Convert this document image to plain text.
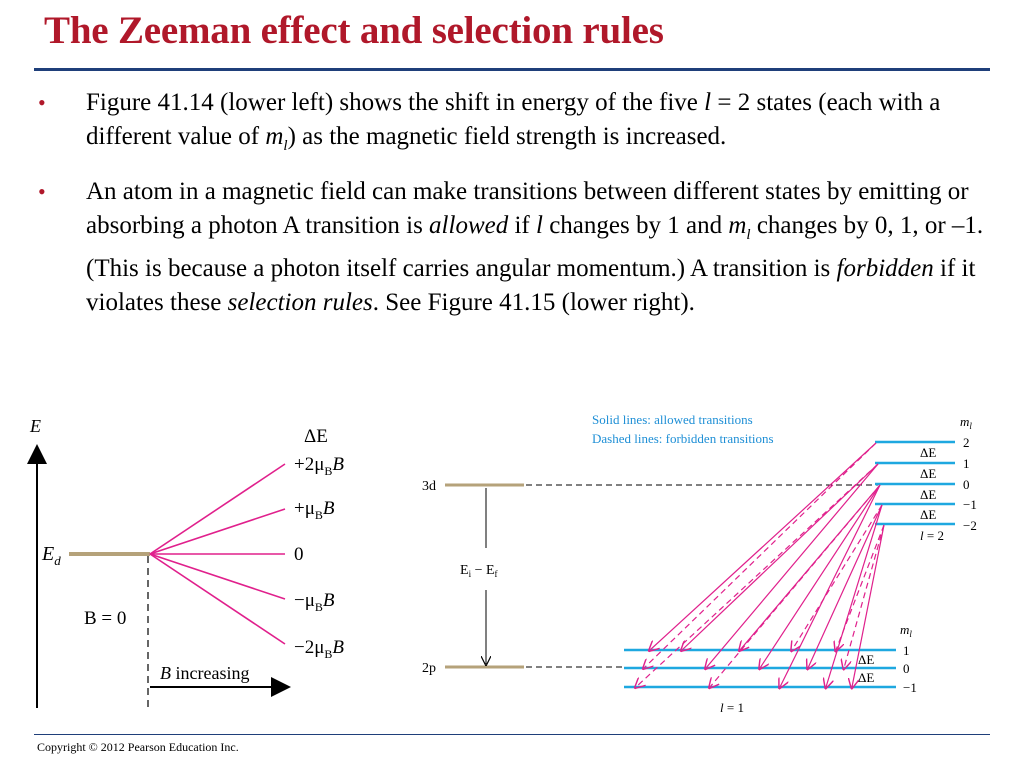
The Zeeman effect and selection rules
•	Figure 41.14 (lower left) shows the shift in energy of the five l = 2 states (each with a different value of $m_l$) as the magnetic field strength is increased.
•	An atom in a magnetic field can make transitions between different states by emitting or absorbing a photon A transition is allowed if l changes by 1 and $m_l$ changes by 0, 1, or –1. (This is because a photon itself carries angular momentum.) A transition is forbidden if it violates these selection rules. See Figure 41.15 (lower right).
E
$E_d$
B = 0
ΔE
$+2\mu_BB$
$+\mu_BB$
0
$-\mu_BB$
$-2\mu_BB$
B increasing
Solid lines: allowed transitions
Dashed lines: forbidden transitions
3d
2p
$E_i - E_f$
$m_l$
2
1
0
−1
−2
l = 2
ΔE
ΔE
ΔE
ΔE
$m_l$
1
0
−1
l = 1
ΔE
ΔE
Copyright © 2012 Pearson Education Inc.
